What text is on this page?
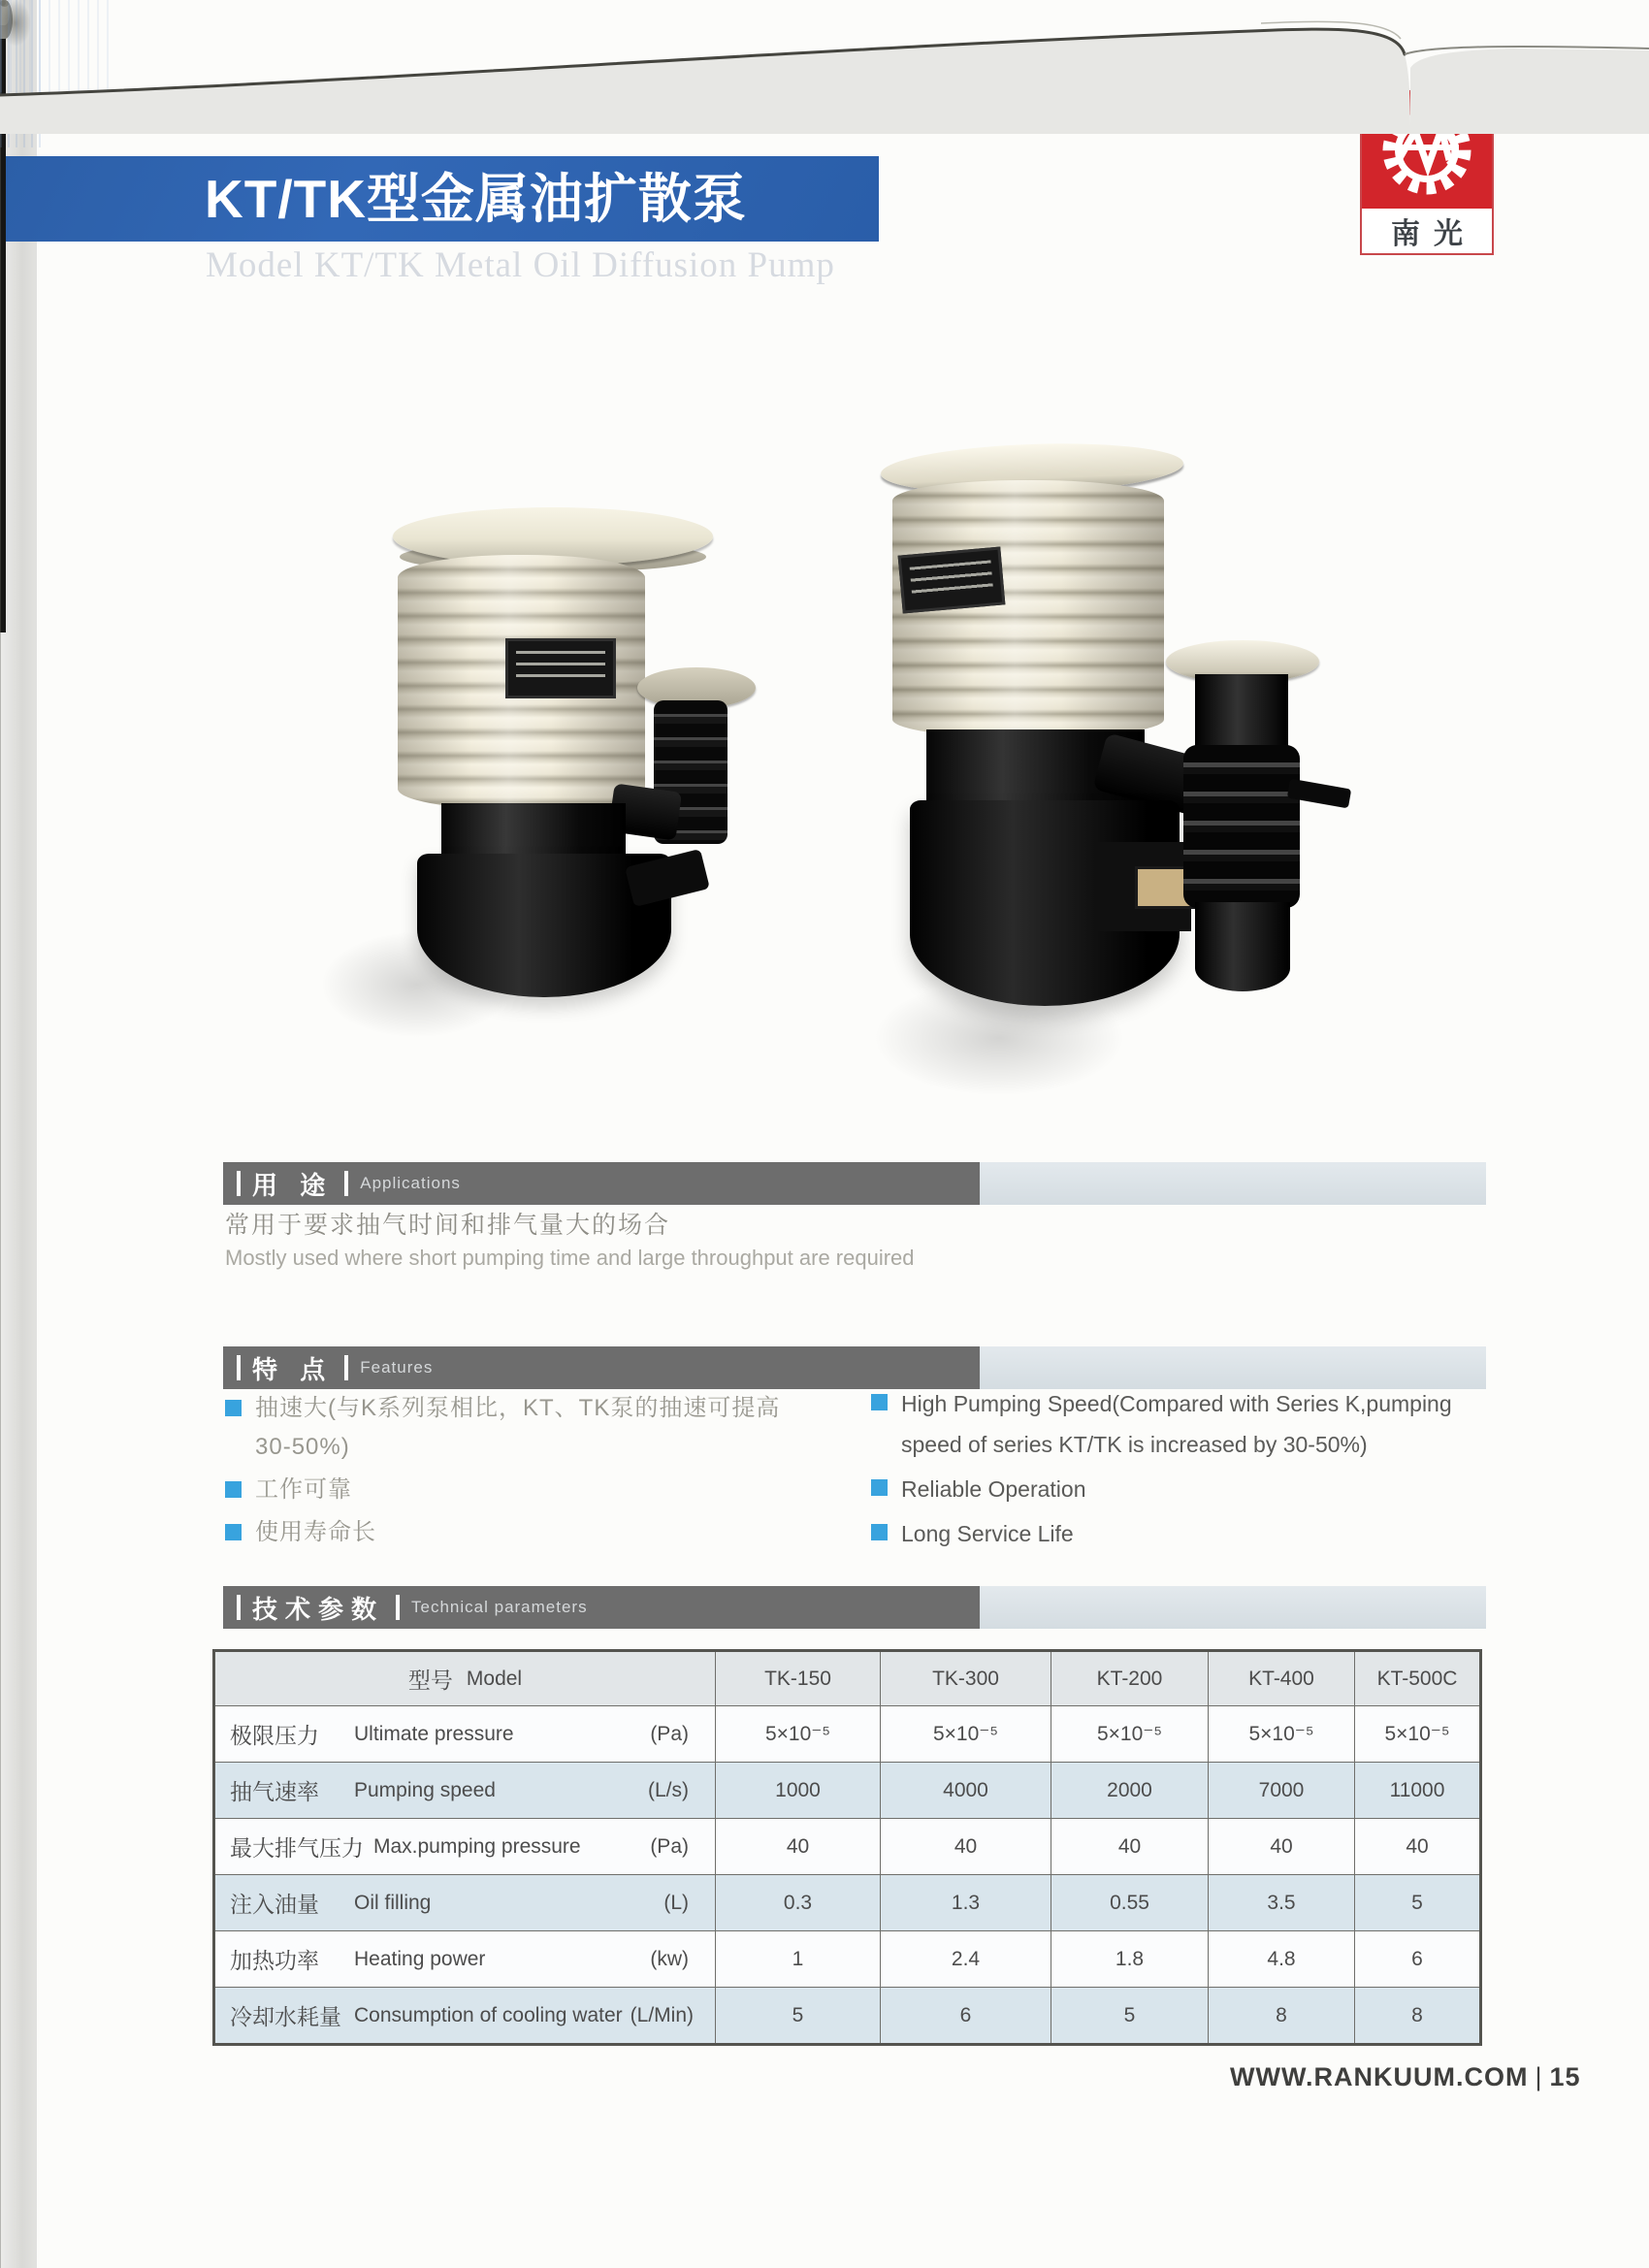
KT/TK型金属油扩散泵
Model KT/TK Metal Oil Diffusion Pump
南光
用 途 Applications
常用于要求抽气时间和排气量大的场合
Mostly used where short pumping time and large throughput are required
特 点 Features
抽速大(与K系列泵相比，KT、TK泵的抽速可提高30-50%)
工作可靠
使用寿命长
High Pumping Speed(Compared with Series K,pumping speed of series KT/TK is increased by 30-50%)
Reliable Operation
Long Service Life
技术参数 Technical parameters
型号 Model	TK-150	TK-300	KT-200	KT-400	KT-500C

极限压力 Ultimate pressure (Pa)	5×10⁻⁵	5×10⁻⁵	5×10⁻⁵	5×10⁻⁵	5×10⁻⁵

抽气速率 Pumping speed (L/s)	1000	4000	2000	7000	11000

最大排气压力 Max.pumping pressure (Pa)	40	40	40	40	40

注入油量 Oil filling (L)	0.3	1.3	0.55	3.5	5

加热功率 Heating power (kw)	1	2.4	1.8	4.8	6

冷却水耗量 Consumption of cooling water (L/Min)	5	6	5	8	8
WWW.RANKUUM.COM | 15
